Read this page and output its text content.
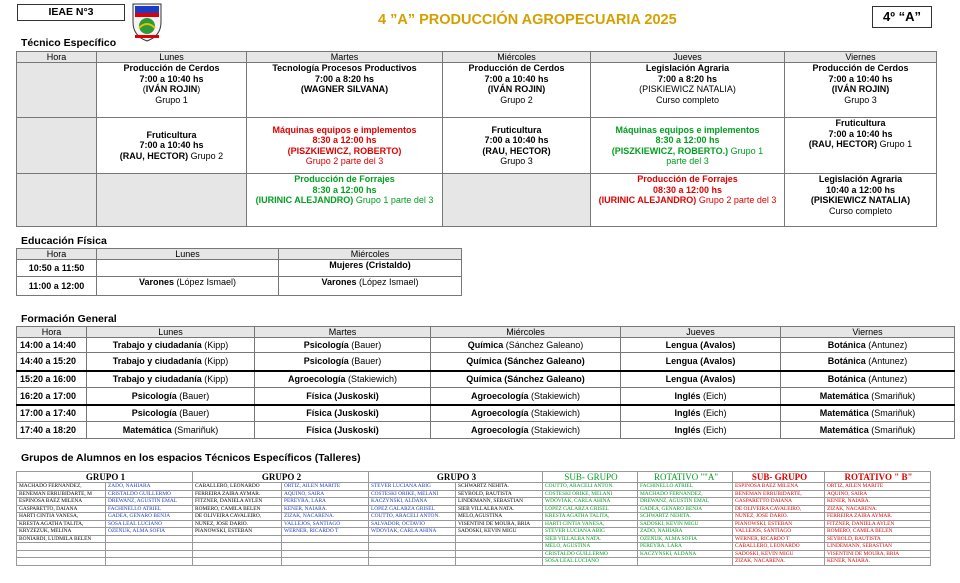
IEAE N°3	4 ”A” PRODUCCIÓN AGROPECUARIA 2025	4º “A”
Técnico Específico
Hora	Lunes	Martes	Miércoles	Jueves	Viernes
	Producción de Cerdos
7:00 a 10:40 hs
(IVÁN ROJIN)
Grupo 1	Tecnología Procesos Productivos
7:00 a 8:20 hs
(WAGNER SILVANA)	Producción de Cerdos
7:00 a 10:40 hs
(IVÁN ROJIN)
Grupo 2	Legislación Agraria
7:00 a 8:20 hs
(PISKIEWICZ NATALIA)
Curso completo	Producción de Cerdos
7:00 a 10:40 hs
(IVÁN ROJIN)
Grupo 3
	Fruticultura
7:00 a 10:40 hs
(RAU, HECTOR) Grupo 2	Máquinas equipos e implementos
8:30 a 12:00 hs
(PISZKIEWICZ, ROBERTO)
Grupo 2 parte del 3	Fruticultura
7:00 a 10:40 hs
(RAU, HECTOR)
Grupo 3	Máquinas equipos e implementos
8:30 a 12:00 hs
(PISZKIEWICZ, ROBERTO.) Grupo 1
parte del 3	Fruticultura
7:00 a 10:40 hs
(RAU, HECTOR) Grupo 1
		Producción de Forrajes
8:30 a 12:00 hs
(IURINIC ALEJANDRO) Grupo 1 parte del 3		Producción de Forrajes
08:30 a 12:00 hs
(IURINIC ALEJANDRO) Grupo 2 parte del 3	Legislación Agraria
10:40 a 12:00 hs
(PISKIEWICZ NATALIA)
Curso completo
Educación Física
Hora	Lunes	Miércoles
10:50 a 11:50		Mujeres (Cristaldo)
11:00 a 12:00	Varones (López Ismael)	Varones (López Ismael)
Formación General
Hora	Lunes	Martes	Miércoles	Jueves	Viernes
14:00 a 14:40	Trabajo y ciudadanía (Kipp)	Psicología (Bauer)	Química (Sánchez Galeano)	Lengua (Avalos)	Botánica (Antunez)
14:40 a 15:20	Trabajo y ciudadanía (Kipp)	Psicología (Bauer)	Química (Sánchez Galeano)	Lengua (Avalos)	Botánica (Antunez)
15:20 a 16:00	Trabajo y ciudadanía (Kipp)	Agroecología (Stakiewich)	Química (Sánchez Galeano)	Lengua (Avalos)	Botánica (Antunez)
16:20 a 17:00	Psicología (Bauer)	Física (Juskoski)	Agroecología (Stakiewich)	Inglés (Eich)	Matemática (Smariñuk)
17:00 a 17:40	Psicología (Bauer)	Física (Juskoski)	Agroecología (Stakiewich)	Inglés (Eich)	Matemática (Smariñuk)
17:40 a 18:20	Matemática (Smariñuk)	Física (Juskoski)	Agroecología (Stakiewich)	Inglés (Eich)	Matemática (Smariñuk)
Grupos de Alumnos en los espacios Técnicos Específicos (Talleres)
GRUPO 1		GRUPO 2		GRUPO 3		SUB- GRUPO	ROTATIVO ""A"	SUB- GRUPO	ROTATIVO " B"
MACHADO FERNÁNDEZ,	ZADO, NAHIARA	CABALLERO, LEONARDO	ORTIZ, AILEN MARITE	STEVER LUCIANA ABIG	SCHWARTZ NEHITA.	COUTTO, ARACELI ANTON.	FACHINELLO ATRIEL	ESPINOSA BÁEZ MILENA	ORTIZ, AILEN MARITE
BENEMAN ERRUBIDARTE, M	CRISTALDO GUILLERMO	FERREIRA ZAIRA AYMAR.	AQUINO, SAIRA	COSTESKI ORIKE, MELANI	SEYBOLD, BAUTISTA	COSTESKI ORIKE, MELANI	MACHADO FERNÁNDEZ,	BENEMAN ERRUBIDARTE,	AQUINO, SAIRA
ESPINOSA BÁEZ MILENA	DREWANZ, AGUSTIN EMAL	FITZNER, DANIELA AYLEN	PEREYRA, LARA	KACZYNSKI, ALDANA	LINDEMANN, SEBASTIAN	WDOVIAK, CARLA AHINA	DREWANZ, AGUSTIN EMAL	GASPARETTO DAIANA	KENER, NAIARA.
GASPARETTO, DAIANA	FACHINELLO ATRIEL	ROMERO, CAMILA BELEN	KENER, NAIARA.	LOPEZ GALARZA GRISEL	SIEB VILLALBA NATA.	LOPEZ GALARZA GRISEL	GADEA, GENARO BENJA	DE OLIVEIRA CAVALEIRO,	ZIZAK, NACARENA.
HARTI CINTIA VANESA,	GADEA, GENARO BENJA	DE OLIVEIRA CAVALEIRO,	ZIZAK, NACARENA.	COUTTO, ARACELI ANTON.	MELO,AGUSTINA	KRESTA AGATHA TALITA,	SCHWARTZ NEHITA.	NUÑEZ, JOSE DARIO.	FERREIRA ZAIRA AYMAR.
KRESTA AGATHA TALITA,	SOSA LEAL LUCIANO	NUÑEZ, JOSE DARIO.	VALLEJOS, SANTIAGO	SALVADOR, OCTAVIO	VISENTINI DE MOURA, BRIA	HARTI CINTIA VANESA,	SADOSKI, KEVIN MIGU	PIANOWSKI, ESTEBAN	FITZNER, DANIELA AYLEN
KRYZEZUK, MELINA	OZEÑUK, ALMA SOFIA	PIANOWSKI, ESTEBAN	WERNER, RICARDO T	WDOVIAK, CARLA AHINA	SADOSKI, KEVIN MIGU	STEVER LUCIANA ABIG	ZADO, NAHIARA	VALLEJOS, SANTIAGO	ROMERO, CAMILA BELEN
BONIARDI, LUDMILA BELÉN						SIEB VILLALBA NATA.	OZEÑUK, ALMA SOFIA	WERNER, RICARDO T	SEYBOLD, BAUTISTA
						MELO, AGUSTINA	PEREYRA, LARA	CABALLERO, LEONARDO	LINDEMANN, SEBASTIAN
						CRISTALDO GUILLERMO	KACZYNSKI, ALDANA	SADOSKI, KEVIN MIGU	VISENTINI DE MOURA, BRIA
						SOSA LEAL LUCIANO		ZIZAK, NACARENA.	KENER, NAIARA.
